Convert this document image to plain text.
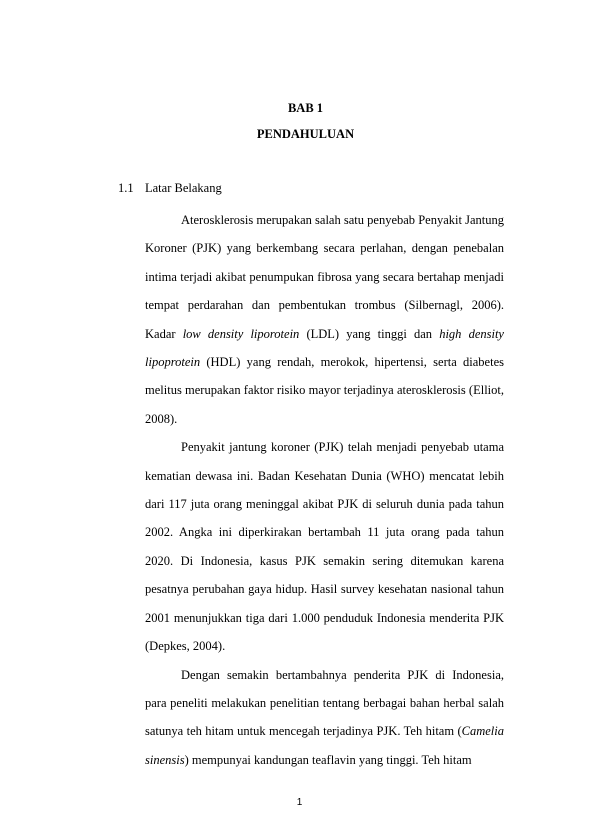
BAB 1
PENDAHULUAN
1.1 Latar Belakang

Aterosklerosis merupakan salah satu penyebab Penyakit Jantung Koroner (PJK) yang berkembang secara perlahan, dengan penebalan intima terjadi akibat penumpukan fibrosa yang secara bertahap menjadi tempat perdarahan dan pembentukan trombus (Silbernagl, 2006). Kadar low density liporotein (LDL) yang tinggi dan high density lipoprotein (HDL) yang rendah, merokok, hipertensi, serta diabetes melitus merupakan faktor risiko mayor terjadinya aterosklerosis (Elliot, 2008).

Penyakit jantung koroner (PJK) telah menjadi penyebab utama kematian dewasa ini. Badan Kesehatan Dunia (WHO) mencatat lebih dari 117 juta orang meninggal akibat PJK di seluruh dunia pada tahun 2002. Angka ini diperkirakan bertambah 11 juta orang pada tahun 2020. Di Indonesia, kasus PJK semakin sering ditemukan karena pesatnya perubahan gaya hidup. Hasil survey kesehatan nasional tahun 2001 menunjukkan tiga dari 1.000 penduduk Indonesia menderita PJK (Depkes, 2004).

Dengan semakin bertambahnya penderita PJK di Indonesia, para peneliti melakukan penelitian tentang berbagai bahan herbal salah satunya teh hitam untuk mencegah terjadinya PJK. Teh hitam (Camelia sinensis) mempunyai kandungan teaflavin yang tinggi. Teh hitam

1
